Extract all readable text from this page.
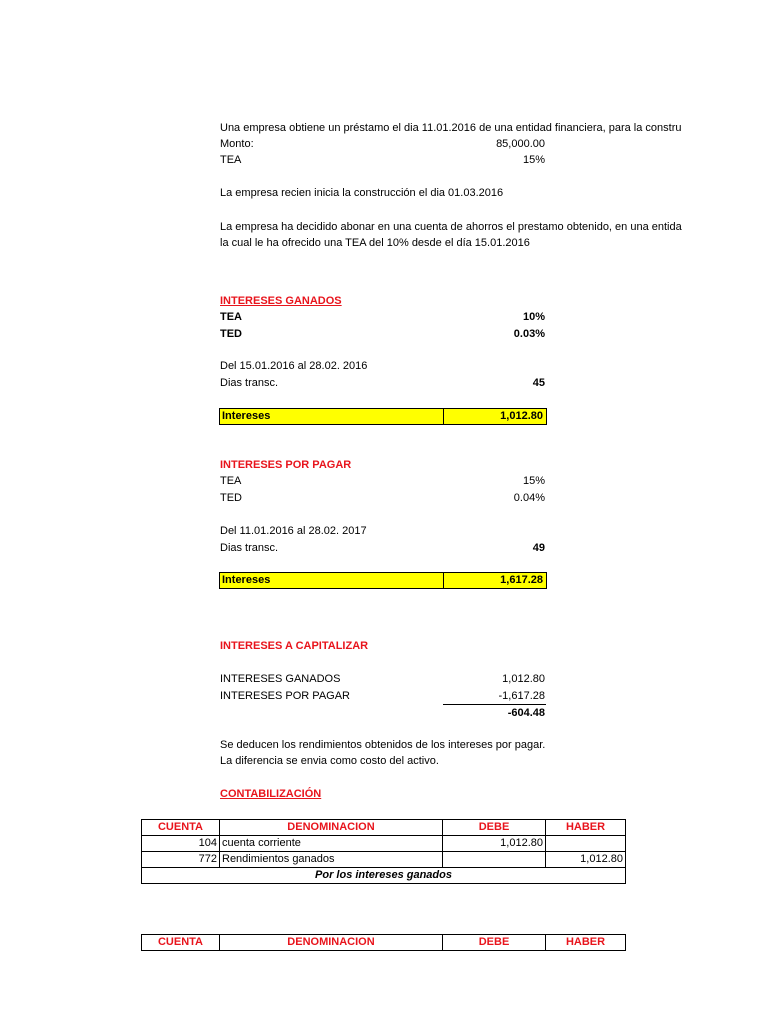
Una empresa obtiene un préstamo el dia 11.01.2016 de una entidad financiera, para la constru
Monto:	85,000.00
TEA	15%
La empresa recien inicia la construcción el dia 01.03.2016
La empresa ha decidido abonar en una cuenta de ahorros el prestamo obtenido, en una entida
la cual le ha ofrecido una TEA del 10% desde el día 15.01.2016
INTERESES GANADOS
TEA	10%
TED	0.03%
Del 15.01.2016 al 28.02. 2016
Dias transc.	45
Intereses	1,012.80
INTERESES POR PAGAR
TEA	15%
TED	0.04%
Del 11.01.2016 al 28.02. 2017
Dias transc.	49
Intereses	1,617.28
INTERESES A CAPITALIZAR
INTERESES GANADOS	1,012.80
INTERESES POR PAGAR	-1,617.28
-604.48
Se deducen los rendimientos obtenidos de los intereses por pagar.
La diferencia se envia como costo del activo.
CONTABILIZACIÓN
CUENTA	DENOMINACION	DEBE	HABER
104	cuenta corriente	1,012.80	
772	Rendimientos ganados		1,012.80
Por los intereses ganados			
CUENTA	DENOMINACION	DEBE	HABER
